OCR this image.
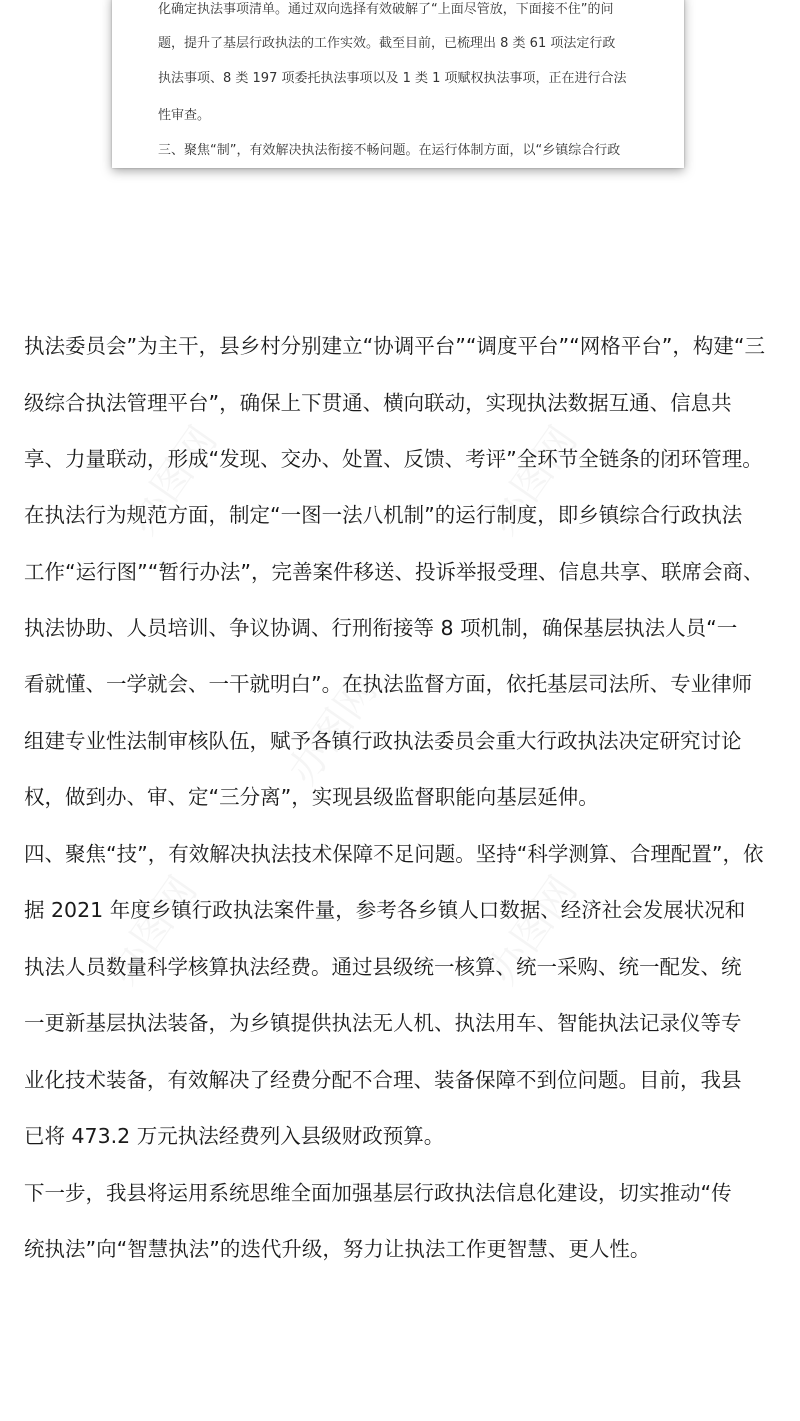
化确定执法事项清单。通过双向选择有效破解了“上面尽管放，下面接不住”的问
题，提升了基层行政执法的工作实效。截至目前，已梳理出 8 类 61 项法定行政
执法事项、8 类 197 项委托执法事项以及 1 类 1 项赋权执法事项，正在进行合法
性审查。
三、聚焦“制”，有效解决执法衔接不畅问题。在运行体制方面，以“乡镇综合行政
办图网	办图网
办图网
办图网	办图网
执法委员会”为主干，县乡村分别建立“协调平台”“调度平台”“网格平台”，构建“三
级综合执法管理平台”，确保上下贯通、横向联动，实现执法数据互通、信息共
享、力量联动，形成“发现、交办、处置、反馈、考评”全环节全链条的闭环管理。
在执法行为规范方面，制定“一图一法八机制”的运行制度，即乡镇综合行政执法
工作“运行图”“暂行办法”，完善案件移送、投诉举报受理、信息共享、联席会商、
执法协助、人员培训、争议协调、行刑衔接等 8 项机制，确保基层执法人员“一
看就懂、一学就会、一干就明白”。在执法监督方面，依托基层司法所、专业律师
组建专业性法制审核队伍，赋予各镇行政执法委员会重大行政执法决定研究讨论
权，做到办、审、定“三分离”，实现县级监督职能向基层延伸。
四、聚焦“技”，有效解决执法技术保障不足问题。坚持“科学测算、合理配置”，依
据 2021 年度乡镇行政执法案件量，参考各乡镇人口数据、经济社会发展状况和
执法人员数量科学核算执法经费。通过县级统一核算、统一采购、统一配发、统
一更新基层执法装备，为乡镇提供执法无人机、执法用车、智能执法记录仪等专
业化技术装备，有效解决了经费分配不合理、装备保障不到位问题。目前，我县
已将 473.2 万元执法经费列入县级财政预算。
下一步，我县将运用系统思维全面加强基层行政执法信息化建设，切实推动“传
统执法”向“智慧执法”的迭代升级，努力让执法工作更智慧、更人性。
